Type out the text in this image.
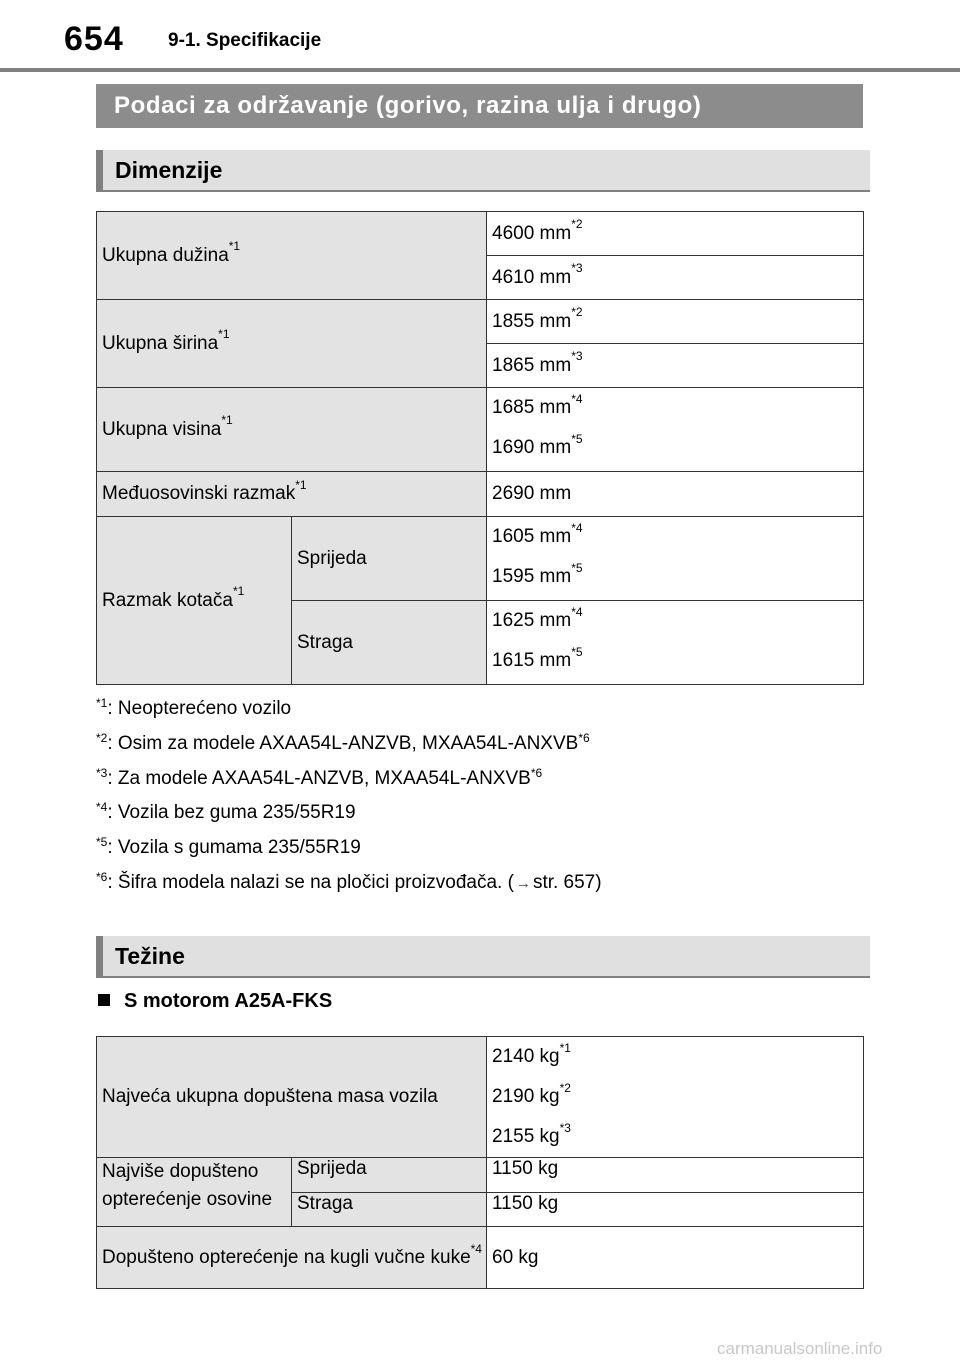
654 9-1. Specifikacije
Podaci za održavanje (gorivo, razina ulja i drugo)
Dimenzije
Ukupna dužina$^{*1}$		4600 $mm^{*2}$
		4610 $mm^{*3}$
Ukupna širina$^{*1}$		1855 $mm^{*2}$
		1865 $mm^{*3}$
Ukupna visina$^{*1}$		1685 $mm^{*4}$
1690 $mm^{*5}$

Međuosovinski razmak$^{*1}$		2690 mm
Razmak kotača$^{*1}$	Sprijeda	1605 $mm^{*4}$
1595 $mm^{*5}$

	Straga	1625 $mm^{*4}$
1615 $mm^{*5}$
$^{*1}$: Neopterećeno vozilo
$^{*2}$: Osim za modele AXAA54L-ANZVB, MXAA54L-ANXVB$^{*6}$
$^{*3}$: Za modele AXAA54L-ANZVB, MXAA54L-ANXVB$^{*6}$
$^{*4}$: Vozila bez guma 235/55R19
$^{*5}$: Vozila s gumama 235/55R19
$^{*6}$: Šifra modela nalazi se na pločici proizvođača. ( → str. 657)
Težine
S motorom A25A-FKS
Najveća ukupna dopuštena masa vozila		2140 $kg^{*1}$
2190 $kg^{*2}$
2155 $kg^{*3}$

Najviše dopušteno opterećenje osovine	Sprijeda	1150 kg
	Straga	1150 kg
Dopušteno opterećenje na kugli vučne kuke$^{*4}$		60 kg
carmanualsonline.info
